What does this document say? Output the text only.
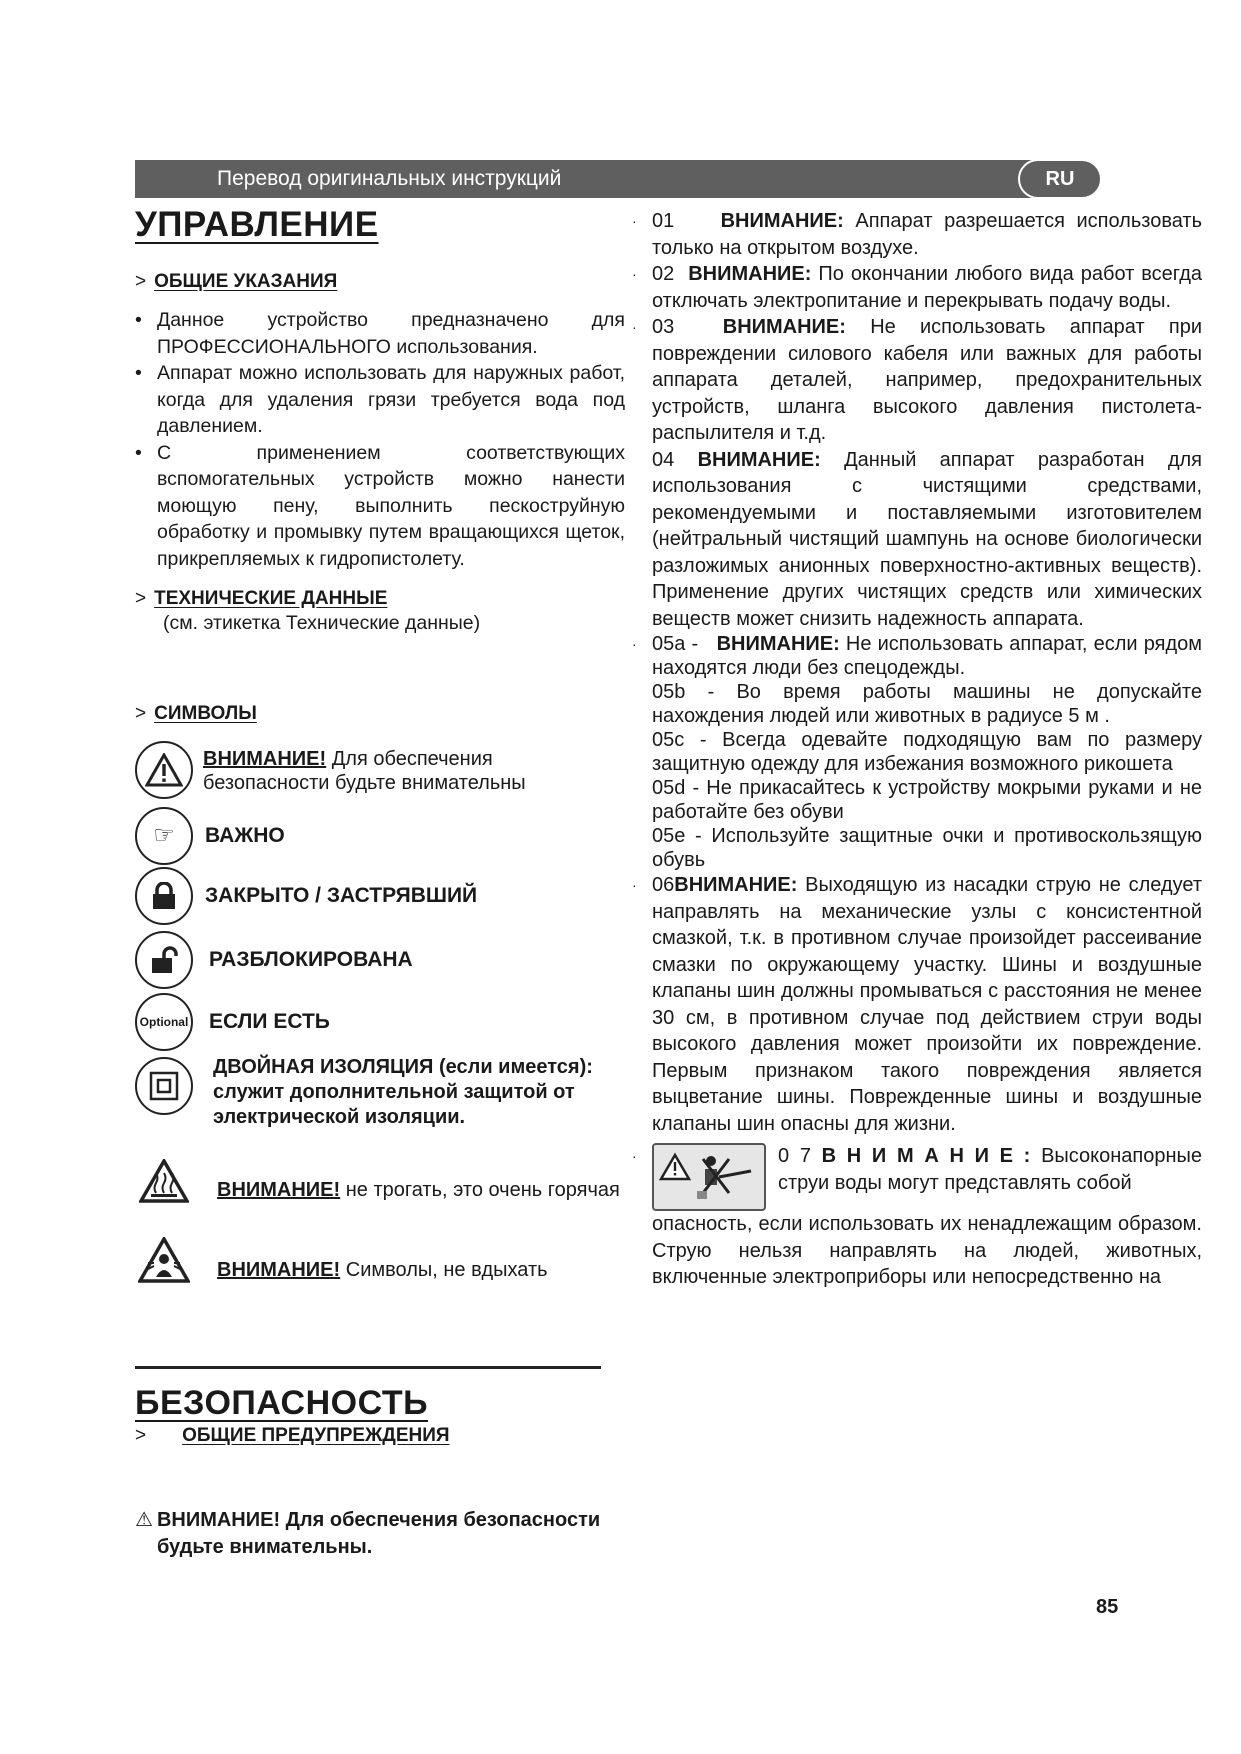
Перевод оригинальных инструкций	RU
УПРАВЛЕНИЕ
> ОБЩИЕ УКАЗАНИЯ
• Данное устройство предназначено для ПРОФЕССИОНАЛЬНОГО использования.
• Аппарат можно использовать для наружных работ, когда для удаления грязи требуется вода под давлением.
• С применением соответствующих вспомогательных устройств можно нанести моющую пену, выполнить пескоструйную обработку и промывку путем вращающихся щеток, прикрепляемых к гидропистолету.
> ТЕХНИЧЕСКИЕ ДАННЫЕ

(см. этикетка Технические данные)

> СИМВОЛЫ
ВНИМАНИЕ! Для обеспечения безопасности будьте внимательны
☞	ВАЖНО
ЗАКРЫТО / ЗАСТРЯВШИЙ
РАЗБЛОКИРОВАНА
Optional ЕСЛИ ЕСТЬ
ДВОЙНАЯ ИЗОЛЯЦИЯ (если имеется): служит дополнительной защитой от электрической изоляции.
ВНИМАНИЕ! не трогать, это очень горячая
ВНИМАНИЕ! Символы, не вдыхать
БЕЗОПАСНОСТЬ
> ОБЩИЕ ПРЕДУПРЕЖДЕНИЯ
⚠ ВНИМАНИЕ! Для обеспечения безопасности будьте внимательны.
· 01 ВНИМАНИЕ: Аппарат разрешается использовать только на открытом воздухе.
· 02 ВНИМАНИЕ: По окончании любого вида работ всегда отключать электропитание и перекрывать подачу воды.
· 03 ВНИМАНИЕ: Не использовать аппарат при повреждении силового кабеля или важных для работы аппарата деталей, например, предохранительных устройств, шланга высокого давления пистолета-распылителя и т.д.
04 ВНИМАНИЕ: Данный аппарат разработан для использования с чистящими средствами, рекомендуемыми и поставляемыми изготовителем (нейтральный чистящий шампунь на основе биологически разложимых анионных поверхностно-активных веществ). Применение других чистящих средств или химических веществ может снизить надежность аппарата.
· 05a - ВНИМАНИЕ: Не использовать аппарат, если рядом находятся люди без спецодежды.
05b - Во время работы машины не допускайте нахождения людей или животных в радиусе 5 м .
05c - Всегда одевайте подходящую вам по размеру защитную одежду для избежания возможного рикошета
05d - Не прикасайтесь к устройству мокрыми руками и не работайте без обуви
05e - Используйте защитные очки и противоскользящую обувь
· 06ВНИМАНИЕ: Выходящую из насадки струю не следует направлять на механические узлы с консистентной смазкой, т.к. в противном случае произойдет рассеивание смазки по окружающему участку. Шины и воздушные клапаны шин должны промываться с расстояния не менее 30 см, в противном случае под действием струи воды высокого давления может произойти их повреждение. Первым признаком такого повреждения является выцветание шины. Поврежденные шины и воздушные клапаны шин опасны для жизни.
·	0 7 В Н И М А Н И Е : Высоконапорные струи воды могут представлять собой
опасность, если использовать их ненадлежащим образом. Струю нельзя направлять на людей, животных, включенные электроприборы или непосредственно на
85
